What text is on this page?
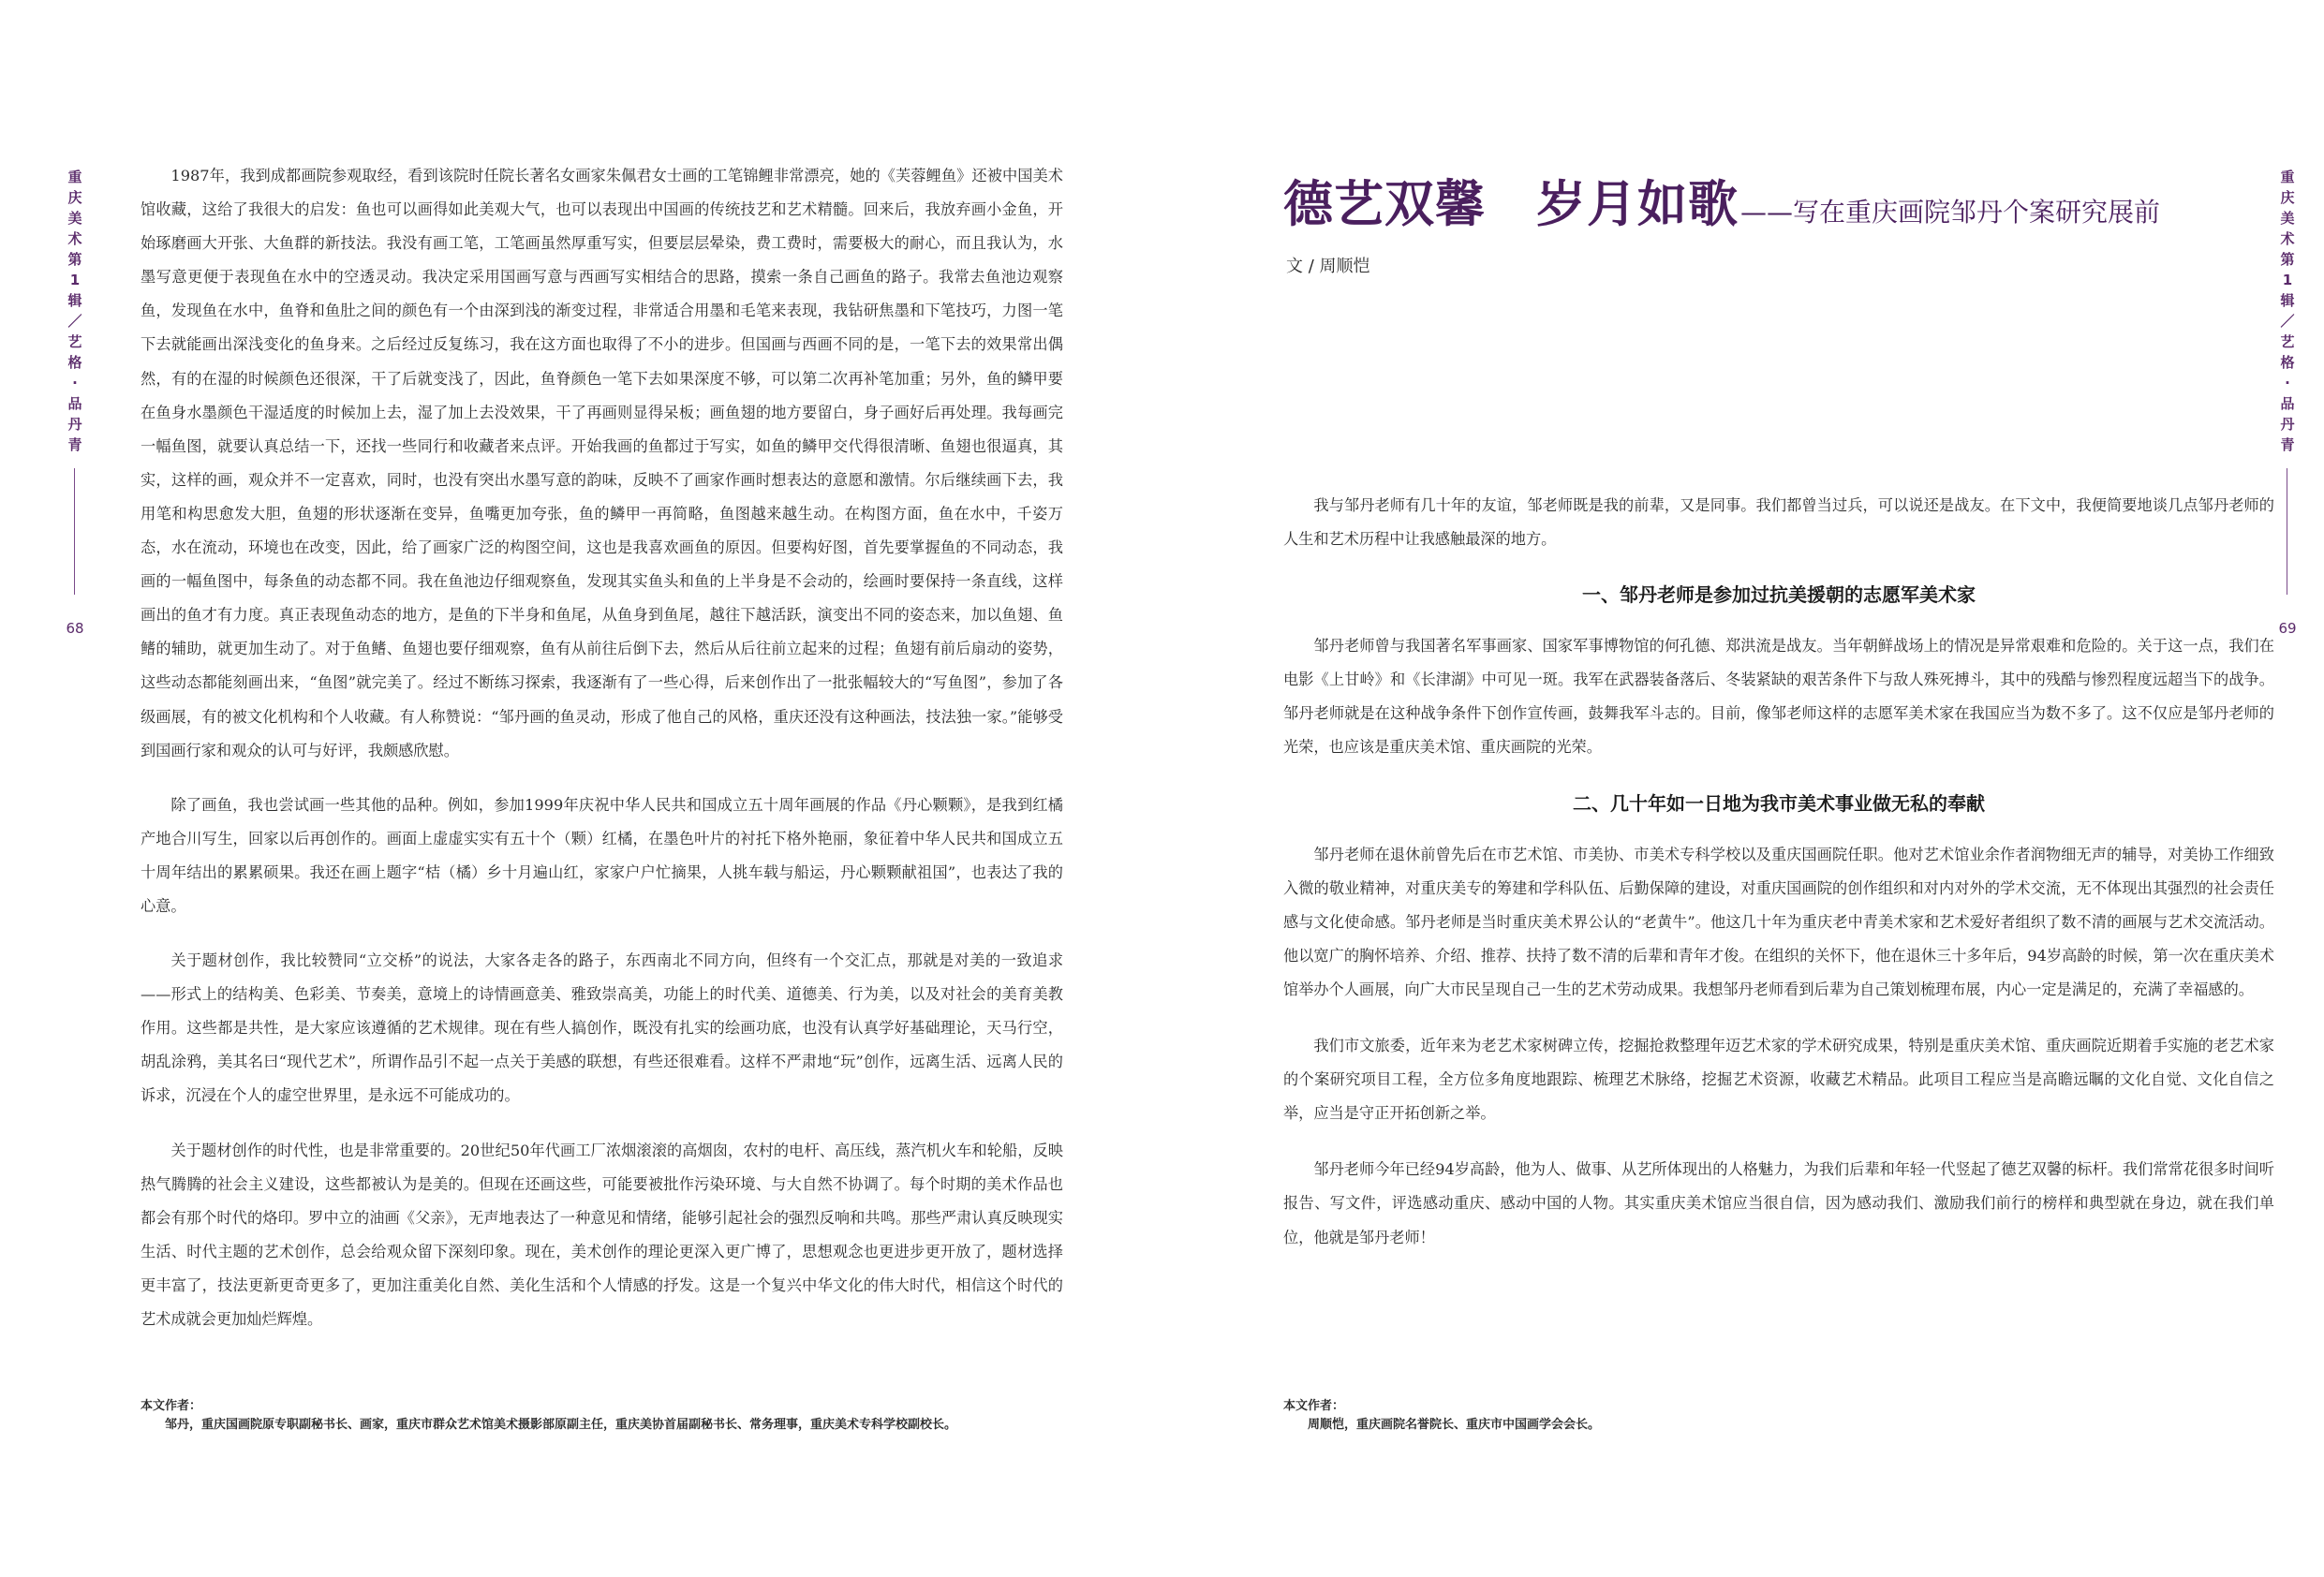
重
庆
美
术
第
1
辑
／
艺
格
·
品
丹
青
68

1987年，我到成都画院参观取经，看到该院时任院长著名女画家朱佩君女士画的工笔锦鲤非常漂亮，她的《芙蓉鲤鱼》还被中国美术馆收藏，这给了我很大的启发：鱼也可以画得如此美观大气，也可以表现出中国画的传统技艺和艺术精髓。回来后，我放弃画小金鱼，开始琢磨画大开张、大鱼群的新技法。我没有画工笔，工笔画虽然厚重写实，但要层层晕染，费工费时，需要极大的耐心，而且我认为，水墨写意更便于表现鱼在水中的空透灵动。我决定采用国画写意与西画写实相结合的思路，摸索一条自己画鱼的路子。我常去鱼池边观察鱼，发现鱼在水中，鱼脊和鱼肚之间的颜色有一个由深到浅的渐变过程，非常适合用墨和毛笔来表现，我钻研焦墨和下笔技巧，力图一笔下去就能画出深浅变化的鱼身来。之后经过反复练习，我在这方面也取得了不小的进步。但国画与西画不同的是，一笔下去的效果常出偶然，有的在湿的时候颜色还很深，干了后就变浅了，因此，鱼脊颜色一笔下去如果深度不够，可以第二次再补笔加重；另外，鱼的鳞甲要在鱼身水墨颜色干湿适度的时候加上去，湿了加上去没效果，干了再画则显得呆板；画鱼翅的地方要留白，身子画好后再处理。我每画完一幅鱼图，就要认真总结一下，还找一些同行和收藏者来点评。开始我画的鱼都过于写实，如鱼的鳞甲交代得很清晰、鱼翅也很逼真，其实，这样的画，观众并不一定喜欢，同时，也没有突出水墨写意的韵味，反映不了画家作画时想表达的意愿和激情。尔后继续画下去，我用笔和构思愈发大胆，鱼翅的形状逐渐在变异，鱼嘴更加夸张，鱼的鳞甲一再简略，鱼图越来越生动。在构图方面，鱼在水中，千姿万态，水在流动，环境也在改变，因此，给了画家广泛的构图空间，这也是我喜欢画鱼的原因。但要构好图，首先要掌握鱼的不同动态，我画的一幅鱼图中，每条鱼的动态都不同。我在鱼池边仔细观察鱼，发现其实鱼头和鱼的上半身是不会动的，绘画时要保持一条直线，这样画出的鱼才有力度。真正表现鱼动态的地方，是鱼的下半身和鱼尾，从鱼身到鱼尾，越往下越活跃，演变出不同的姿态来，加以鱼翅、鱼鳍的辅助，就更加生动了。对于鱼鳍、鱼翅也要仔细观察，鱼有从前往后倒下去，然后从后往前立起来的过程；鱼翅有前后扇动的姿势，这些动态都能刻画出来，“鱼图”就完美了。经过不断练习探索，我逐渐有了一些心得，后来创作出了一批张幅较大的“写鱼图”，参加了各级画展，有的被文化机构和个人收藏。有人称赞说：“邹丹画的鱼灵动，形成了他自己的风格，重庆还没有这种画法，技法独一家。”能够受到国画行家和观众的认可与好评，我颇感欣慰。

除了画鱼，我也尝试画一些其他的品种。例如，参加1999年庆祝中华人民共和国成立五十周年画展的作品《丹心颗颗》，是我到红橘产地合川写生，回家以后再创作的。画面上虚虚实实有五十个（颗）红橘，在墨色叶片的衬托下格外艳丽，象征着中华人民共和国成立五十周年结出的累累硕果。我还在画上题字“桔（橘）乡十月遍山红，家家户户忙摘果，人挑车载与船运，丹心颗颗献祖国”，也表达了我的心意。

关于题材创作，我比较赞同“立交桥”的说法，大家各走各的路子，东西南北不同方向，但终有一个交汇点，那就是对美的一致追求——形式上的结构美、色彩美、节奏美，意境上的诗情画意美、雅致崇高美，功能上的时代美、道德美、行为美，以及对社会的美育美教作用。这些都是共性，是大家应该遵循的艺术规律。现在有些人搞创作，既没有扎实的绘画功底，也没有认真学好基础理论，天马行空，胡乱涂鸦，美其名曰“现代艺术”，所谓作品引不起一点关于美感的联想，有些还很难看。这样不严肃地“玩”创作，远离生活、远离人民的诉求，沉浸在个人的虚空世界里，是永远不可能成功的。

关于题材创作的时代性，也是非常重要的。20世纪50年代画工厂浓烟滚滚的高烟囱，农村的电杆、高压线，蒸汽机火车和轮船，反映热气腾腾的社会主义建设，这些都被认为是美的。但现在还画这些，可能要被批作污染环境、与大自然不协调了。每个时期的美术作品也都会有那个时代的烙印。罗中立的油画《父亲》，无声地表达了一种意见和情绪，能够引起社会的强烈反响和共鸣。那些严肃认真反映现实生活、时代主题的艺术创作，总会给观众留下深刻印象。现在，美术创作的理论更深入更广博了，思想观念也更进步更开放了，题材选择更丰富了，技法更新更奇更多了，更加注重美化自然、美化生活和个人情感的抒发。这是一个复兴中华文化的伟大时代，相信这个时代的艺术成就会更加灿烂辉煌。

本文作者：
邹丹，重庆国画院原专职副秘书长、画家，重庆市群众艺术馆美术摄影部原副主任，重庆美协首届副秘书长、常务理事，重庆美术专科学校副校长。
德艺双馨　岁月如歌——写在重庆画院邹丹个案研究展前
文 / 周顺恺

我与邹丹老师有几十年的友谊，邹老师既是我的前辈，又是同事。我们都曾当过兵，可以说还是战友。在下文中，我便简要地谈几点邹丹老师的人生和艺术历程中让我感触最深的地方。

一、邹丹老师是参加过抗美援朝的志愿军美术家

邹丹老师曾与我国著名军事画家、国家军事博物馆的何孔德、郑洪流是战友。当年朝鲜战场上的情况是异常艰难和危险的。关于这一点，我们在电影《上甘岭》和《长津湖》中可见一斑。我军在武器装备落后、冬装紧缺的艰苦条件下与敌人殊死搏斗，其中的残酷与惨烈程度远超当下的战争。邹丹老师就是在这种战争条件下创作宣传画，鼓舞我军斗志的。目前，像邹老师这样的志愿军美术家在我国应当为数不多了。这不仅应是邹丹老师的光荣，也应该是重庆美术馆、重庆画院的光荣。

二、几十年如一日地为我市美术事业做无私的奉献

邹丹老师在退休前曾先后在市艺术馆、市美协、市美术专科学校以及重庆国画院任职。他对艺术馆业余作者润物细无声的辅导，对美协工作细致入微的敬业精神，对重庆美专的筹建和学科队伍、后勤保障的建设，对重庆国画院的创作组织和对内对外的学术交流，无不体现出其强烈的社会责任感与文化使命感。邹丹老师是当时重庆美术界公认的“老黄牛”。他这几十年为重庆老中青美术家和艺术爱好者组织了数不清的画展与艺术交流活动。他以宽广的胸怀培养、介绍、推荐、扶持了数不清的后辈和青年才俊。在组织的关怀下，他在退休三十多年后，94岁高龄的时候，第一次在重庆美术馆举办个人画展，向广大市民呈现自己一生的艺术劳动成果。我想邹丹老师看到后辈为自己策划梳理布展，内心一定是满足的，充满了幸福感的。

我们市文旅委，近年来为老艺术家树碑立传，挖掘抢救整理年迈艺术家的学术研究成果，特别是重庆美术馆、重庆画院近期着手实施的老艺术家的个案研究项目工程，全方位多角度地跟踪、梳理艺术脉络，挖掘艺术资源，收藏艺术精品。此项目工程应当是高瞻远瞩的文化自觉、文化自信之举，应当是守正开拓创新之举。

邹丹老师今年已经94岁高龄，他为人、做事、从艺所体现出的人格魅力，为我们后辈和年轻一代竖起了德艺双馨的标杆。我们常常花很多时间听报告、写文件，评选感动重庆、感动中国的人物。其实重庆美术馆应当很自信，因为感动我们、激励我们前行的榜样和典型就在身边，就在我们单位，他就是邹丹老师！

本文作者：
周顺恺，重庆画院名誉院长、重庆市中国画学会会长。
重
庆
美
术
第
1
辑
／
艺
格
·
品
丹
青
69
